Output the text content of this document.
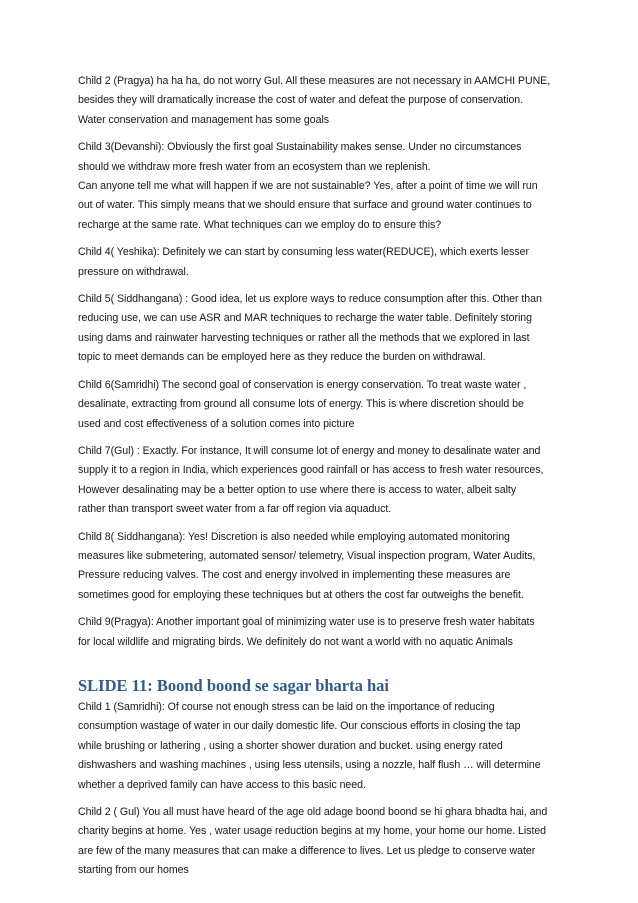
Child 2 (Pragya) ha ha ha, do not worry Gul. All these measures are not necessary in AAMCHI PUNE,
besides they will dramatically increase the cost of water and defeat the purpose of conservation.
Water conservation and management has some goals
Child 3(Devanshi): Obviously the first goal Sustainability makes sense. Under no circumstances
should we withdraw more fresh water from an ecosystem than we replenish.
Can anyone tell me what will happen if we are not sustainable? Yes, after a point of time we will run
out of water. This simply means that we should ensure that surface and ground water continues to
recharge at the same rate. What techniques can we employ do to ensure this?
Child 4( Yeshika): Definitely we can start by consuming less water(REDUCE), which exerts lesser
pressure on withdrawal.
Child 5( Siddhangana) : Good idea, let us explore ways to reduce consumption after this. Other than
reducing use, we can use ASR and MAR techniques to recharge the water table. Definitely storing
using dams and rainwater harvesting techniques or rather all the methods that we explored in last
topic to meet demands can be employed here as they reduce the burden on withdrawal.
Child 6(Samridhi) The second goal of conservation is energy conservation. To treat waste water ,
desalinate, extracting from ground all consume lots of energy. This is where discretion should be
used and cost effectiveness of a solution comes into picture
Child 7(Gul) : Exactly. For instance, It will consume lot of energy and money to desalinate water and
supply it to a region in India, which experiences good rainfall or has access to fresh water resources,
However desalinating may be a better option to use where there is access to water, albeit salty
rather than transport sweet water from a far off region via aquaduct.
Child 8( Siddhangana): Yes! Discretion is also needed while employing automated monitoring
measures like submetering, automated sensor/ telemetry, Visual inspection program, Water Audits,
Pressure reducing valves. The cost and energy involved in implementing these measures are
sometimes good for employing these techniques but at others the cost far outweighs the benefit.
Child 9(Pragya): Another important goal of minimizing water use is to preserve fresh water habitats
for local wildlife and migrating birds. We definitely do not want a world with no aquatic Animals
SLIDE 11: Boond boond se sagar bharta hai
Child 1 (Samridhi): Of course not enough stress can be laid on the importance of reducing
consumption wastage of water in our daily domestic life. Our conscious efforts in closing the tap
while brushing or lathering , using a shorter shower duration and bucket. using energy rated
dishwashers and washing machines , using less utensils, using a nozzle, half flush … will determine
whether a deprived family can have access to this basic need.
Child 2 ( Gul) You all must have heard of the age old adage boond boond se hi ghara bhadta hai, and
charity begins at home. Yes , water usage reduction begins at my home, your home our home. Listed
are few of the many measures that can make a difference to lives. Let us pledge to conserve water
starting from our homes
